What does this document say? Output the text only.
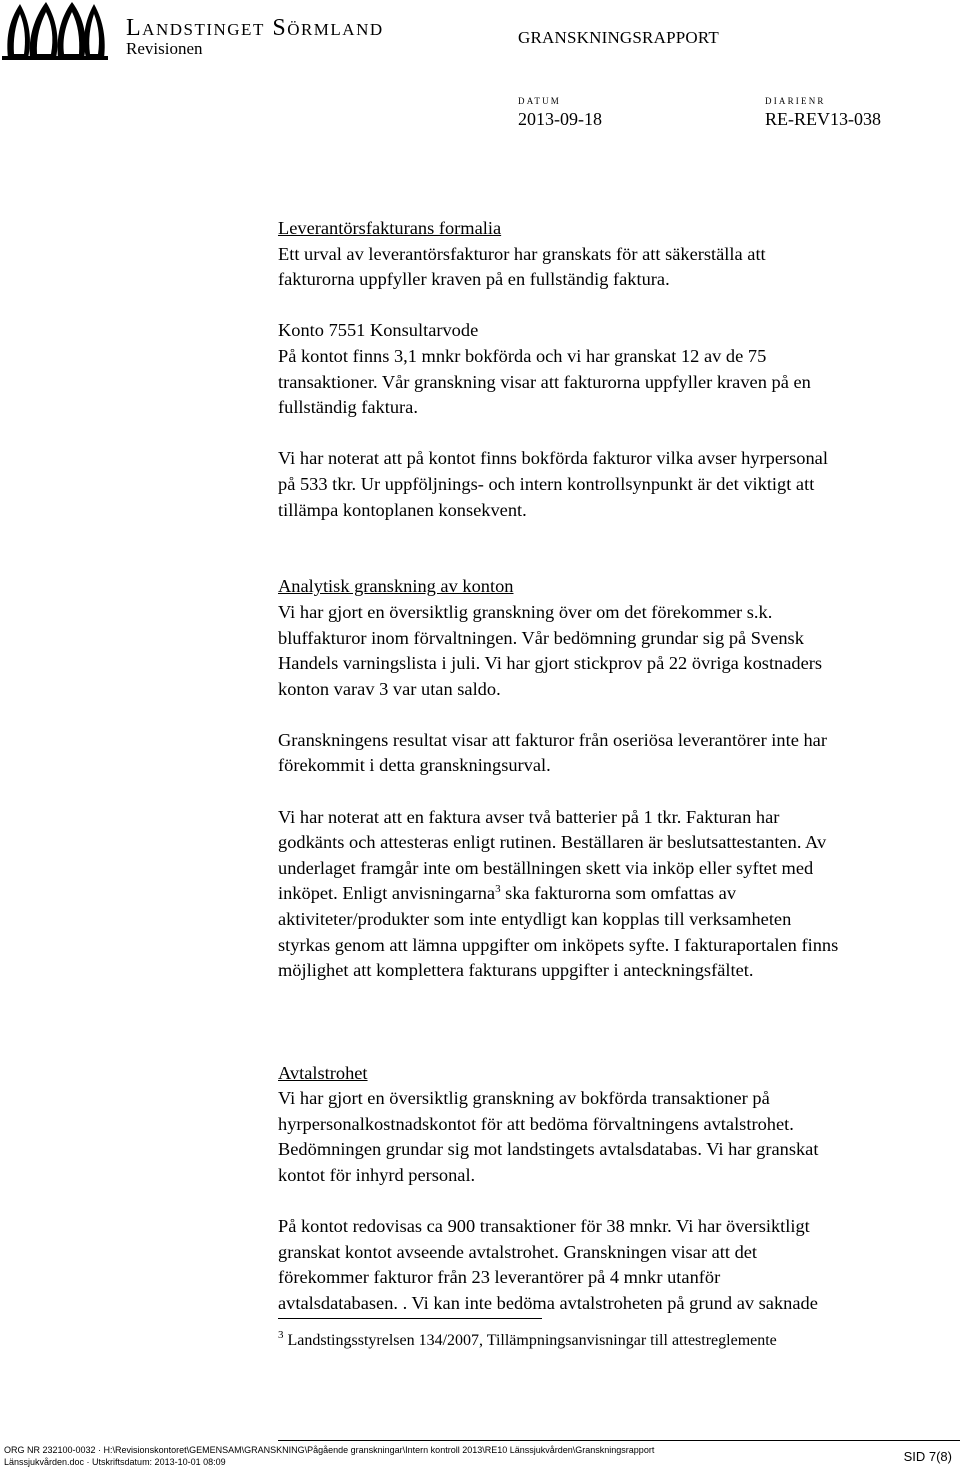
LANDSTINGET SÖRMLAND
Revisionen
GRANSKNINGSRAPPORT
DATUM
2013-09-18
DIARIENR
RE-REV13-038

Leverantörsfakturans formalia

Ett urval av leverantörsfakturor har granskats för att säkerställa att

fakturorna uppfyller kraven på en fullständig faktura.

Konto 7551 Konsultarvode

På kontot finns 3,1 mnkr bokförda och vi har granskat 12 av de 75

transaktioner. Vår granskning visar att fakturorna uppfyller kraven på en

fullständig faktura.

Vi har noterat att på kontot finns bokförda fakturor vilka avser hyrpersonal

på 533 tkr. Ur uppföljnings- och intern kontrollsynpunkt är det viktigt att

tillämpa kontoplanen konsekvent.

Analytisk granskning av konton

Vi har gjort en översiktlig granskning över om det förekommer s.k.

bluffakturor inom förvaltningen. Vår bedömning grundar sig på Svensk

Handels varningslista i juli. Vi har gjort stickprov på 22 övriga kostnaders

konton varav 3 var utan saldo.

Granskningens resultat visar att fakturor från oseriösa leverantörer inte har

förekommit i detta granskningsurval.

Vi har noterat att en faktura avser två batterier på 1 tkr. Fakturan har

godkänts och attesteras enligt rutinen. Beställaren är beslutsattestanten. Av

underlaget framgår inte om beställningen skett via inköp eller syftet med

inköpet. Enligt anvisningarna$^3$ ska fakturorna som omfattas av

aktiviteter/produkter som inte entydligt kan kopplas till verksamheten

styrkas genom att lämna uppgifter om inköpets syfte. I fakturaportalen finns

möjlighet att komplettera fakturans uppgifter i anteckningsfältet.

Avtalstrohet

Vi har gjort en översiktlig granskning av bokförda transaktioner på

hyrpersonalkostnadskontot för att bedöma förvaltningens avtalstrohet.

Bedömningen grundar sig mot landstingets avtalsdatabas. Vi har granskat

kontot för inhyrd personal.

På kontot redovisas ca 900 transaktioner för 38 mnkr. Vi har översiktligt

granskat kontot avseende avtalstrohet. Granskningen visar att det

förekommer fakturor från 23 leverantörer på 4 mnkr utanför

avtalsdatabasen. . Vi kan inte bedöma avtalstroheten på grund av saknade

$^3$ Landstingsstyrelsen 134/2007, Tillämpningsanvisningar till attestreglemente
ORG NR 232100-0032 · H:\Revisionskontoret\GEMENSAM\GRANSKNING\Pågående granskningar\Intern kontroll 2013\RE10 Länssjukvården\Granskningsrapport
Länssjukvården.doc · Utskriftsdatum: 2013-10-01 08:09	SID 7(8)
